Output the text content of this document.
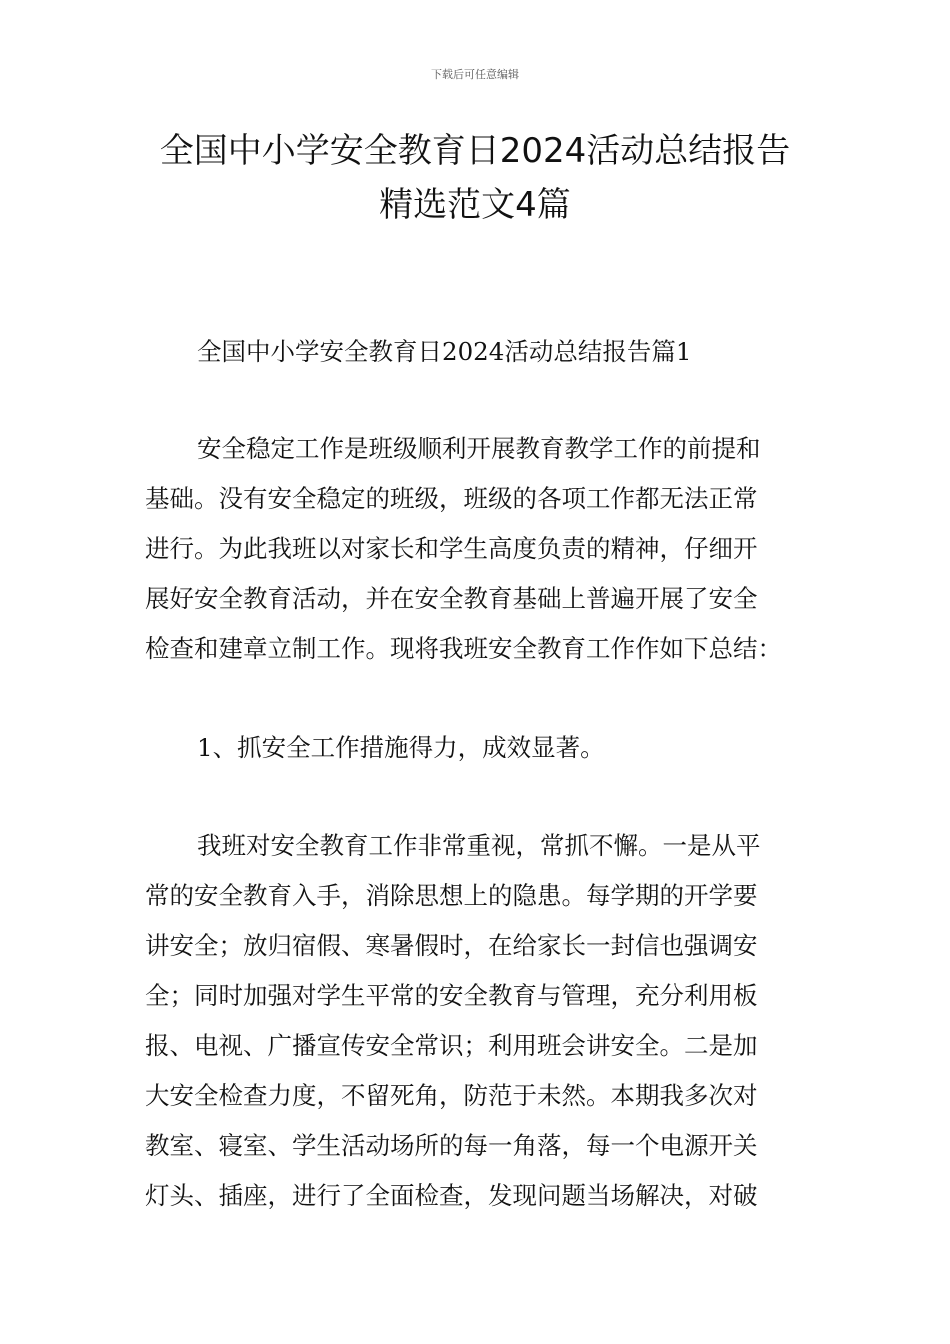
下载后可任意编辑
全国中小学安全教育日2024活动总结报告
精选范文4篇
全国中小学安全教育日2024活动总结报告篇1
安全稳定工作是班级顺利开展教育教学工作的前提和
基础。没有安全稳定的班级，班级的各项工作都无法正常
进行。为此我班以对家长和学生高度负责的精神，仔细开
展好安全教育活动，并在安全教育基础上普遍开展了安全
检查和建章立制工作。现将我班安全教育工作作如下总结：
1、抓安全工作措施得力，成效显著。
我班对安全教育工作非常重视，常抓不懈。一是从平
常的安全教育入手，消除思想上的隐患。每学期的开学要
讲安全；放归宿假、寒暑假时，在给家长一封信也强调安
全；同时加强对学生平常的安全教育与管理，充分利用板
报、电视、广播宣传安全常识；利用班会讲安全。二是加
大安全检查力度，不留死角，防范于未然。本期我多次对
教室、寝室、学生活动场所的每一角落，每一个电源开关
灯头、插座，进行了全面检查，发现问题当场解决，对破
